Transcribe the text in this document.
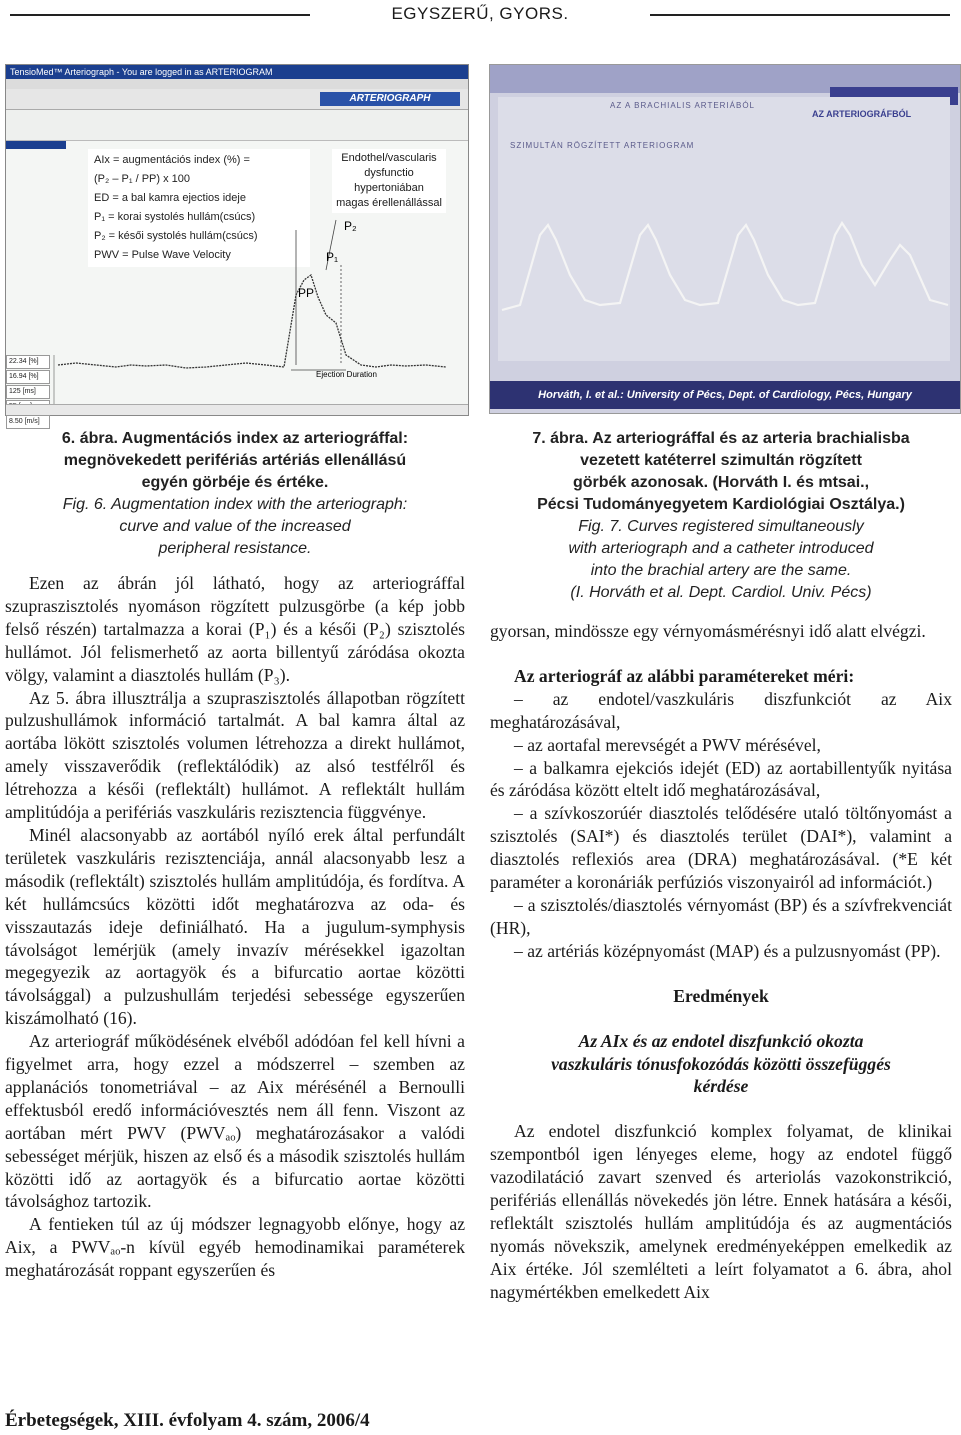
EGYSZERŰ, GYORS.
TensioMed™ Arteriograph - You are logged in as ARTERIOGRAM
ARTERIOGRAPH
AIx = augmentációs index (%) =
(P₂ – P₁ / PP) x 100
ED = a bal kamra ejectios ideje
P₁ = korai systolés hullám(csúcs)
P₂ = késői systolés hullám(csúcs)
PWV = Pulse Wave Velocity
Endothel/vascularis
dysfunctio
hypertoniában
magas érellenállással
P₂
P₁
PP
Ejection Duration
22.34 [%]
16.94 [%]
125 [ms]
8.50 [m/s]
AZ A BRACHIALIS ARTERIÁBÓL
AZ ARTERIOGRÁFBÓL
SZIMULTÁN RÖGZÍTETT ARTERIOGRAM
Horváth, I. et al.: University of Pécs, Dept. of Cardiology, Pécs, Hungary
6. ábra. Augmentációs index az arteriográffal:
megnövekedett perifériás artériás ellenállású
egyén görbéje és értéke.
Fig. 6. Augmentation index with the arteriograph:
curve and value of the increased
peripheral resistance.
7. ábra. Az arteriográffal és az arteria brachialisba
vezetett katéterrel szimultán rögzített
görbék azonosak. (Horváth I. és mtsai.,
Pécsi Tudományegyetem Kardiológiai Osztálya.)
Fig. 7. Curves registered simultaneously
with arteriograph and a catheter introduced
into the brachial artery are the same.
(I. Horváth et al. Dept. Cardiol. Univ. Pécs)

Ezen az ábrán jól látható, hogy az arteriográffal szupraszisztolés nyomáson rögzített pulzusgörbe (a kép jobb felső részén) tartalmazza a korai (P₁) és a késői (P₂) szisztolés hullámot. Jól felismerhető az aorta billentyű záródása okozta völgy, valamint a diasztolés hullám (P₃).

Az 5. ábra illusztrálja a szupraszisztolés állapotban rögzített pulzushullámok információ tartalmát. A bal kamra által az aortába lökött szisztolés volumen létrehozza a direkt hullámot, amely visszaverődik (reflektálódik) az alsó testfélről és létrehozza a késői (reflektált) hullámot. A reflektált hullám amplitúdója a perifériás vaszkuláris rezisztencia függvénye.

Minél alacsonyabb az aortából nyíló erek által perfundált területek vaszkuláris rezisztenciája, annál alacsonyabb lesz a második (reflektált) szisztolés hullám amplitúdója, és fordítva. A két hullámcsúcs közötti időt meghatározva az oda- és visszautazás ideje definiálható. Ha a jugulum-symphysis távolságot lemérjük (amely invazív mérésekkel igazoltan megegyezik az aortagyök és a bifurcatio aortae közötti távolsággal) a pulzushullám terjedési sebessége egyszerűen kiszámolható (16).

Az arteriográf működésének elvéből adódóan fel kell hívni a figyelmet arra, hogy ezzel a módszerrel – szemben az applanációs tonometriával – az Aix mérésénél a Bernoulli effektusból eredő információvesztés nem áll fenn. Viszont az aortában mért PWV (PWVₐₒ) meghatározásakor a valódi sebességet mérjük, hiszen az első és a második szisztolés hullám közötti idő az aortagyök és a bifurcatio aortae közötti távolsághoz tartozik.

A fentieken túl az új módszer legnagyobb előnye, hogy az Aix, a PWVₐₒ-n kívül egyéb hemodinamikai paraméterek meghatározását roppant egyszerűen és

gyorsan, mindössze egy vérnyomásmérésnyi idő alatt elvégzi.

Az arteriográf az alábbi paramétereket méri:

– az endotel/vaszkuláris diszfunkciót az Aix meghatározásával,

– az aortafal merevségét a PWV mérésével,

– a balkamra ejekciós idejét (ED) az aortabillentyűk nyitása és záródása között eltelt idő meghatározásával,

– a szívkoszorúér diasztolés telődésére utaló töltőnyomást a szisztolés (SAI*) és diasztolés terület (DAI*), valamint a diasztolés reflexiós area (DRA) meghatározásával. (*E két paraméter a koronáriák perfúziós viszonyairól ad információt.)

– a szisztolés/diasztolés vérnyomást (BP) és a szívfrekvenciát (HR),

– az artériás középnyomást (MAP) és a pulzusnyomást (PP).

Eredmények

Az AIx és az endotel diszfunkció okozta vaszkuláris tónusfokozódás közötti összefüggés kérdése

Az endotel diszfunkció komplex folyamat, de klinikai szempontból igen lényeges eleme, hogy az endotel függő vazodilatáció zavart szenved és arteriolás vazokonstrikció, perifériás ellenállás növekedés jön létre. Ennek hatására a késői, reflektált szisztolés hullám amplitúdója és az augmentációs nyomás növekszik, amelynek eredményeképpen emelkedik az Aix értéke. Jól szemlélteti a leírt folyamatot a 6. ábra, ahol nagymértékben emelkedett Aix

Érbetegségek, XIII. évfolyam 4. szám, 2006/4
